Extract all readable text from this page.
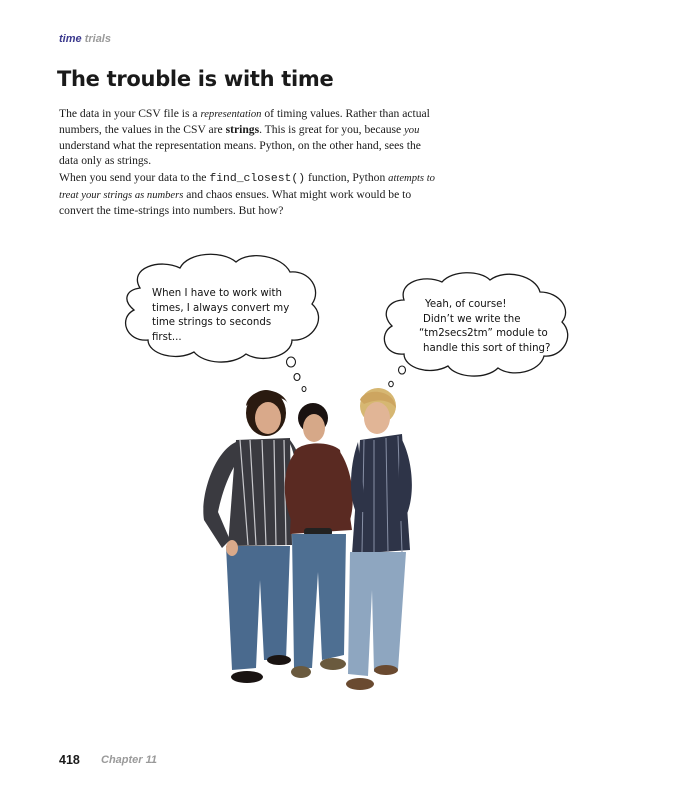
time trials
The trouble is with time

The data in your CSV file is a representation of timing values. Rather than actual numbers, the values in the CSV are strings. This is great for you, because you understand what the representation means. Python, on the other hand, sees the data only as strings.

When you send your data to the find_closest() function, Python attempts to treat your strings as numbers and chaos ensues. What might work would be to convert the time-strings into numbers. But how?

When I have to work with times, I always convert my time strings to seconds first...
Yeah, of course!
Didn’t we write the
“tm2secs2tm” module to
handle this sort of thing?
418 Chapter 11
